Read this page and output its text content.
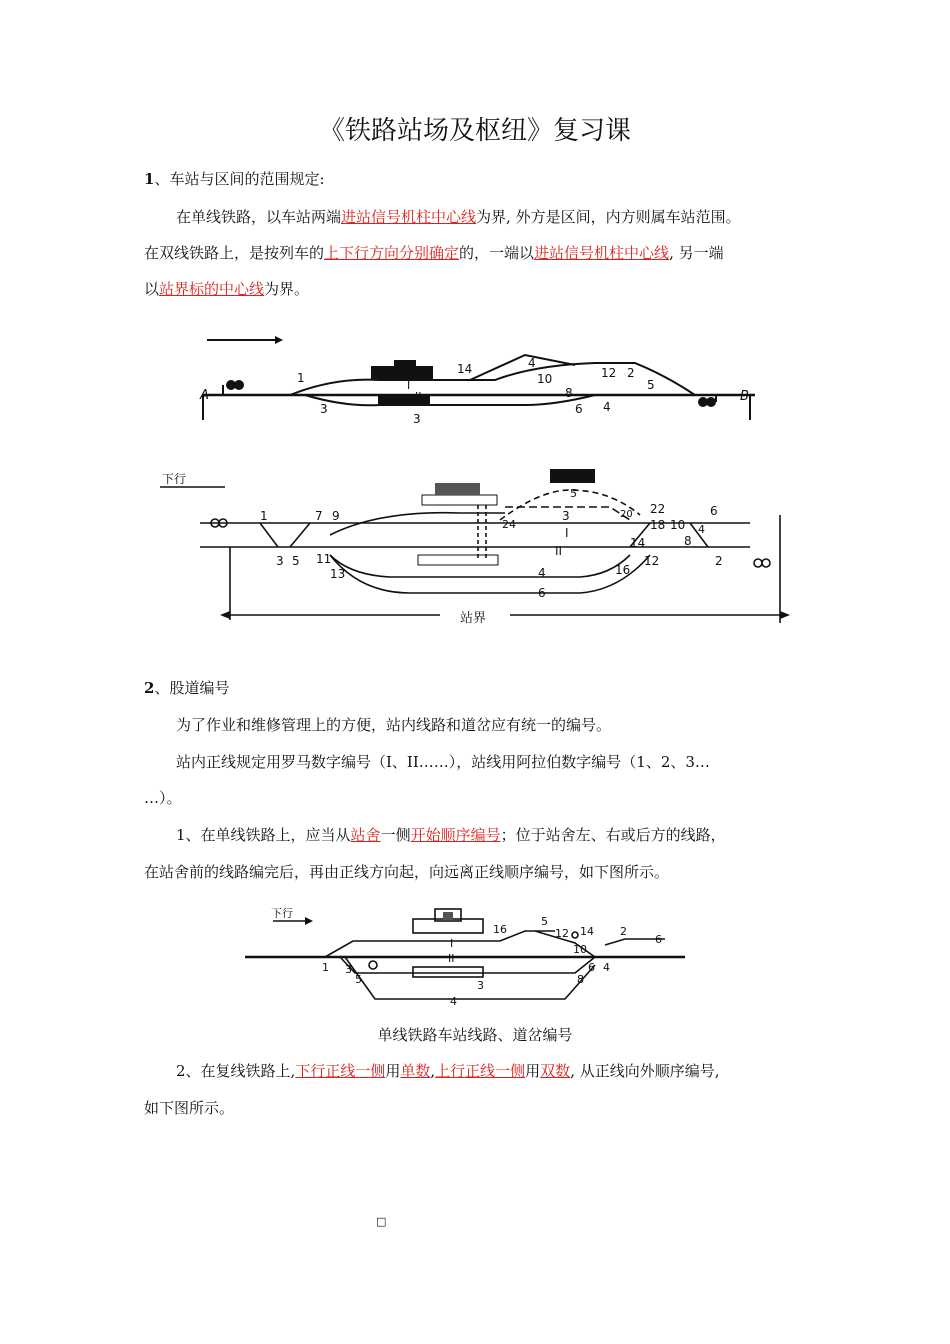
《铁路站场及枢纽》复习课
1、车站与区间的范围规定:
在单线铁路，以车站两端进站信号机柱中心线为界, 外方是区间，内方则属车站范围。
在双线铁路上，是按列车的上下行方向分别确定的，一端以进站信号机柱中心线, 另一端
以站界标的中心线为界。
A	B
1
3
3
14	4
10
8
6
12 2
5
4
I
II
下行
站界
5
1	7 9
24
3	20 22	6
18 10
8
4
14
3 5 11
13	4
6
16
12	2
I
II
2、股道编号
为了作业和维修管理上的方便，站内线路和道岔应有统一的编号。
站内正线规定用罗马数字编号（I、II……），站线用阿拉伯数字编号（1、2、3…
…）。
1、在单线铁路上，应当从站舍一侧开始顺序编号；位于站舍左、右或后方的线路，
在站舍前的线路编完后，再由正线方向起，向远离正线顺序编号，如下图所示。
下行
16
5
12 14 2
6
10
1
I
II
3
5	8
6 4
3
4
单线铁路车站线路、道岔编号
2、在复线铁路上,下行正线一侧用单数,上行正线一侧用双数, 从正线向外顺序编号,
如下图所示。
□
